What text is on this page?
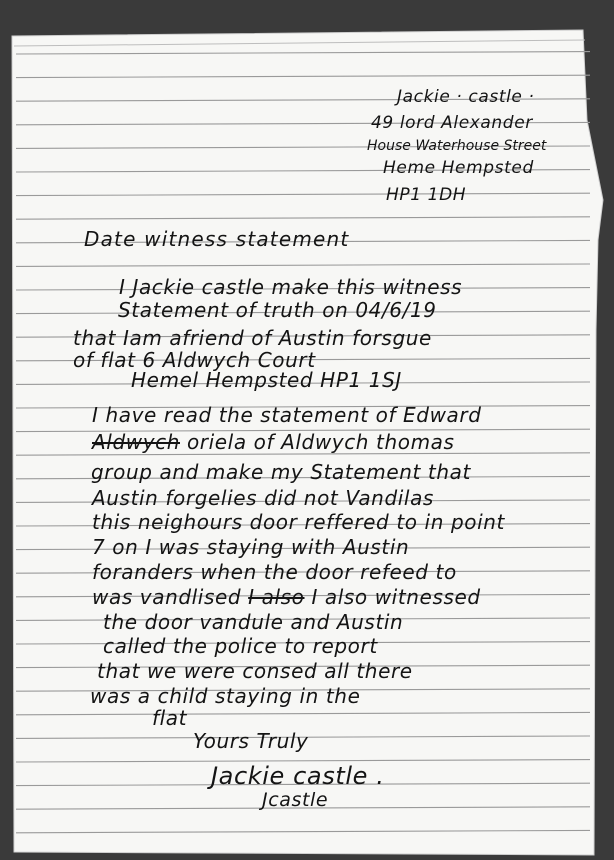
Jackie · castle ·

49 lord Alexander

House Waterhouse Street

Heme Hempsted

HP1 1DH

Date witness statement

I Jackie castle make this witness

Statement of truth on 04/6/19

that Iam afriend of Austin forsgue

of flat 6 Aldwych Court

Hemel Hempsted HP1 1SJ

I have read the statement of Edward

Aldwych oriela of Aldwych thomas

group and make my Statement that

Austin forgelies did not Vandilas

this neighours door reffered to in point

7 on I was staying with Austin

foranders when the door refeed to

was vandlised I also I also witnessed

the door vandule and Austin

called the police to report

that we were consed all there

was a child staying in the

flat

Yours Truly

Jackie castle .

Jcastle
